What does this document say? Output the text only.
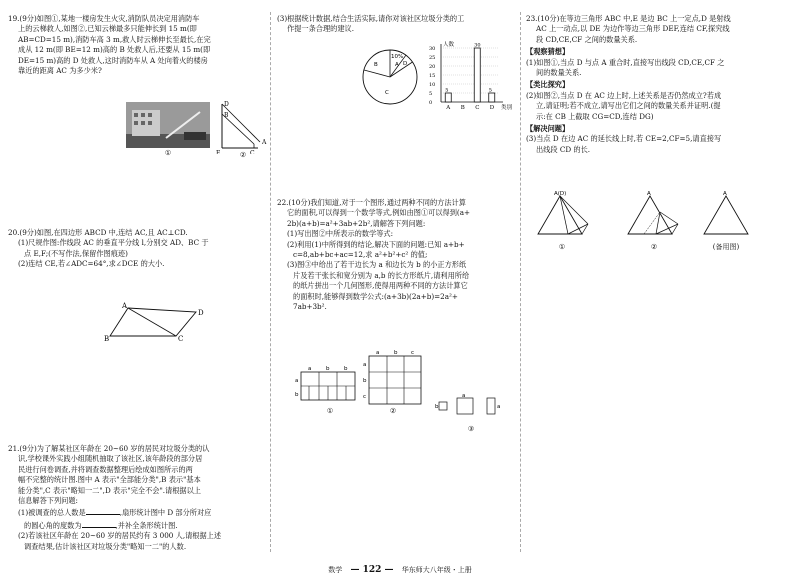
19.(9分)如图①,某地一楼房发生火灾,消防队员决定用消防车

上的云梯救人,如图②,已知云梯最多只能伸长到 15 m(即

AB=CD=15 m),消防车高 3 m,救人时云梯伸长至最长,在完

成从 12 m(即 BE=12 m)高的 B 处救人后,还要从 15 m(即

DE=15 m)高的 D 处救人,这时消防车从 A 处向着火的楼房

靠近的距离 AC 为多少米?

①
D
B
A
C
E	②

20.(9分)如图,在四边形 ABCD 中,连结 AC,且 AC⊥CD.

(1)尺规作图:作线段 AC 的垂直平分线 l,分别交 AD、BC 于

点 E,F;(不写作法,保留作图痕迹)

(2)连结 CE,若∠ADC=64°,求∠DCE 的大小.

A
B	C
D

21.(9分)为了解某社区年龄在 20~60 岁的居民对垃圾分类的认

识,学校课外实践小组随机抽取了该社区,该年龄段的部分居

民进行问卷调查,并将调查数据整理后绘成如图所示的两

幅不完整的统计图.图中 A 表示"全部能分类",B 表示"基本

能分类",C 表示"略知一二",D 表示"完全不会".请根据以上

信息解答下列问题:

(1)被调查的总人数是	,扇形统计图中 D 部分所对应

的圆心角的度数为	,并补全条形统计图.

(2)若该社区年龄在 20~60 岁的居民约有 3 000 人,请根据上述

调查结果,估计该社区对垃圾分类"略知一二"的人数.

(3)根据统计数据,结合生活实际,请你对该社区垃圾分类的工

作提一条合理的建议.

10%
A
B
C
D
0
5
10
15
20
25
30
A
5
B C
30
D
5
人数
类别

22.(10分)我们知道,对于一个图形,通过两种不同的方法计算

它的面积,可以得到一个数学等式,例如由图①可以得到(a+

2b)(a+b)=a²+3ab+2b²,请解答下列问题:

(1)写出图②中所表示的数学等式:

(2)利用(1)中所得到的结论,解决下面的问题:已知 a+b+

c=8,ab+bc+ac=12,求 a²+b²+c² 的值;

(3)图③中给出了若干边长为 a 和边长为 b 的小正方形纸

片及若干张长和宽分别为 a,b 的长方形纸片,请利用所给

的纸片拼出一个几何图形,使得用两种不同的方法计算它

的面积时,能够得到数学公式:(a+3b)(2a+b)=2a²+

7ab+3b².

a
b
a	b	b
①
a	b c
a
b
c
②	b
a
a
③

23.(10分)在等边三角形 ABC 中,E 是边 BC 上一定点,D 是射线

AC 上一动点,以 DE 为边作等边三角形 DEF,连结 CF,探究线

段 CD,CE,CF 之间的数量关系.

【观察猜想】

(1)如图①,当点 D 与点 A 重合时,直接写出线段 CD,CE,CF 之

间的数量关系.

【类比探究】

(2)如图②,当点 D 在 AC 边上时,上述关系是否仍然成立?若成

立,请证明;若不成立,请写出它们之间的数量关系并证明.(提

示:在 CB 上截取 CG=CD,连结 DG)

【解决问题】

(3)当点 D 在边 AC 的延长线上时,若 CE=2,CF=5,请直接写

出线段 CD 的长.

A(D)
①
A
②
A
(备用图)
数学 — 122 — 华东师大八年级・上册
